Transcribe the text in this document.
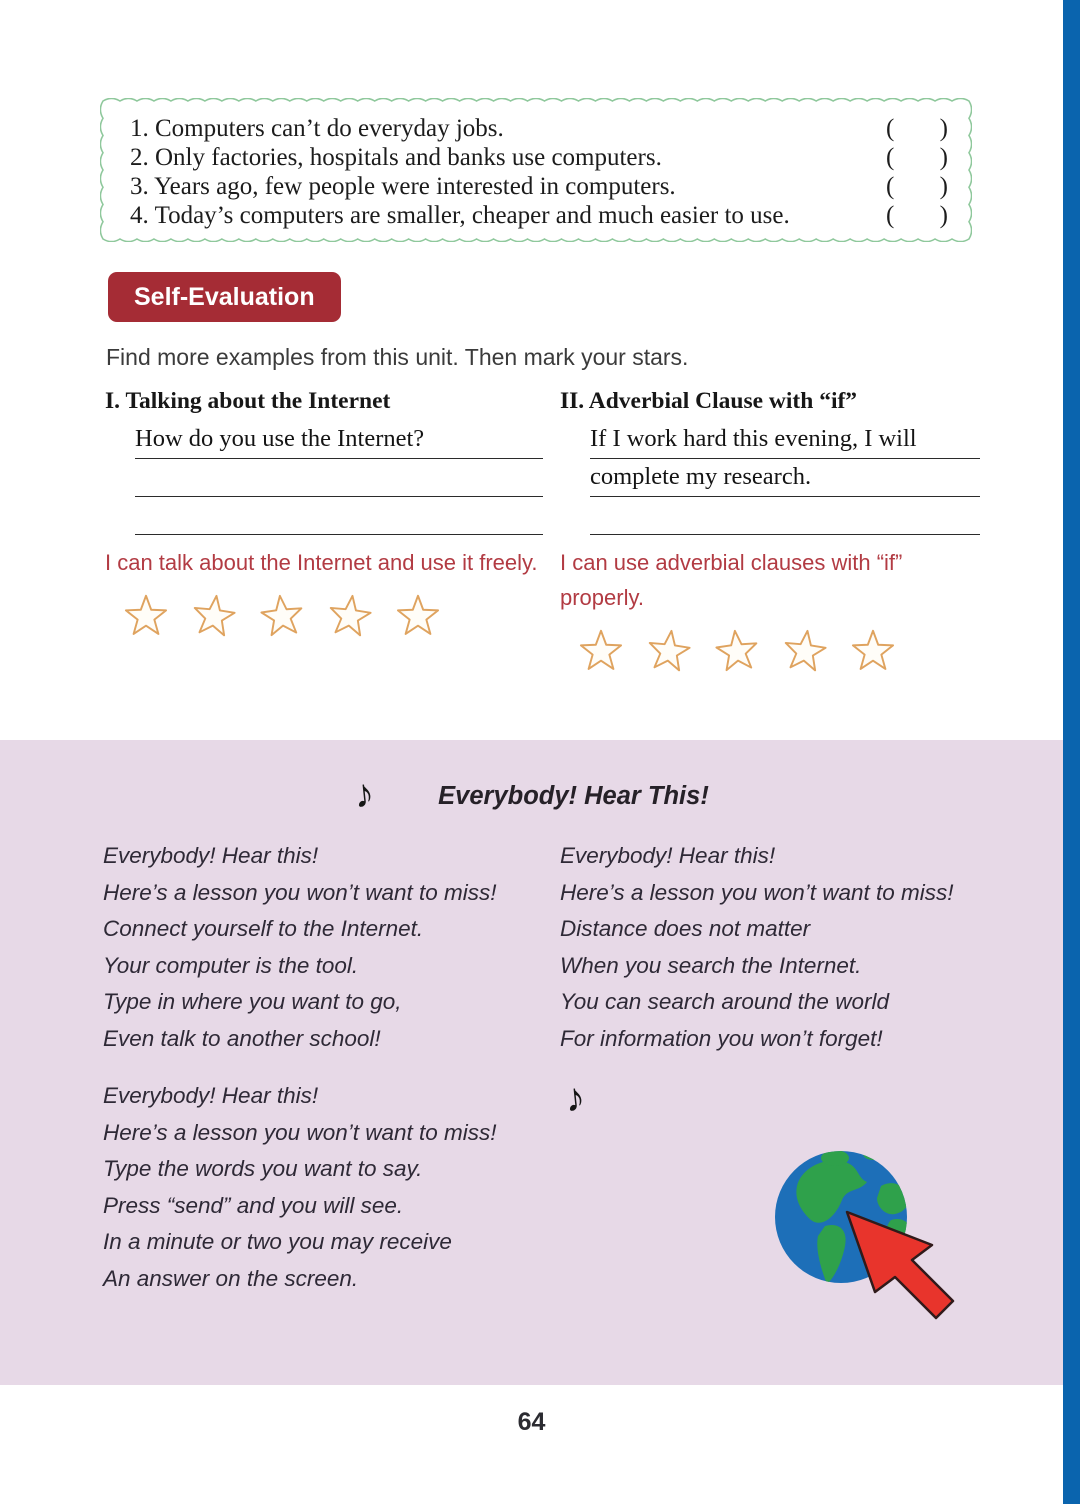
1. Computers can’t do everyday jobs.	( )
2. Only factories, hospitals and banks use computers.	( )
3. Years ago, few people were interested in computers.	( )
4. Today’s computers are smaller, cheaper and much easier to use.	( )
Self-Evaluation
Find more examples from this unit. Then mark your stars.
I. Talking about the Internet
How do you use the Internet?
I can talk about the Internet and use it freely.
II. Adverbial Clause with “if”
If I work hard this evening, I will
complete my research.
I can use adverbial clauses with “if” properly.
♪ Everybody! Hear This!
Everybody! Hear this!
Here’s a lesson you won’t want to miss!
Connect yourself to the Internet.
Your computer is the tool.
Type in where you want to go,
Even talk to another school!
Everybody! Hear this!
Here’s a lesson you won’t want to miss!
Distance does not matter
When you search the Internet.
You can search around the world
For information you won’t forget!
Everybody! Hear this!
Here’s a lesson you won’t want to miss!
Type the words you want to say.
Press “send” and you will see.
In a minute or two you may receive
An answer on the screen.
♪
64
